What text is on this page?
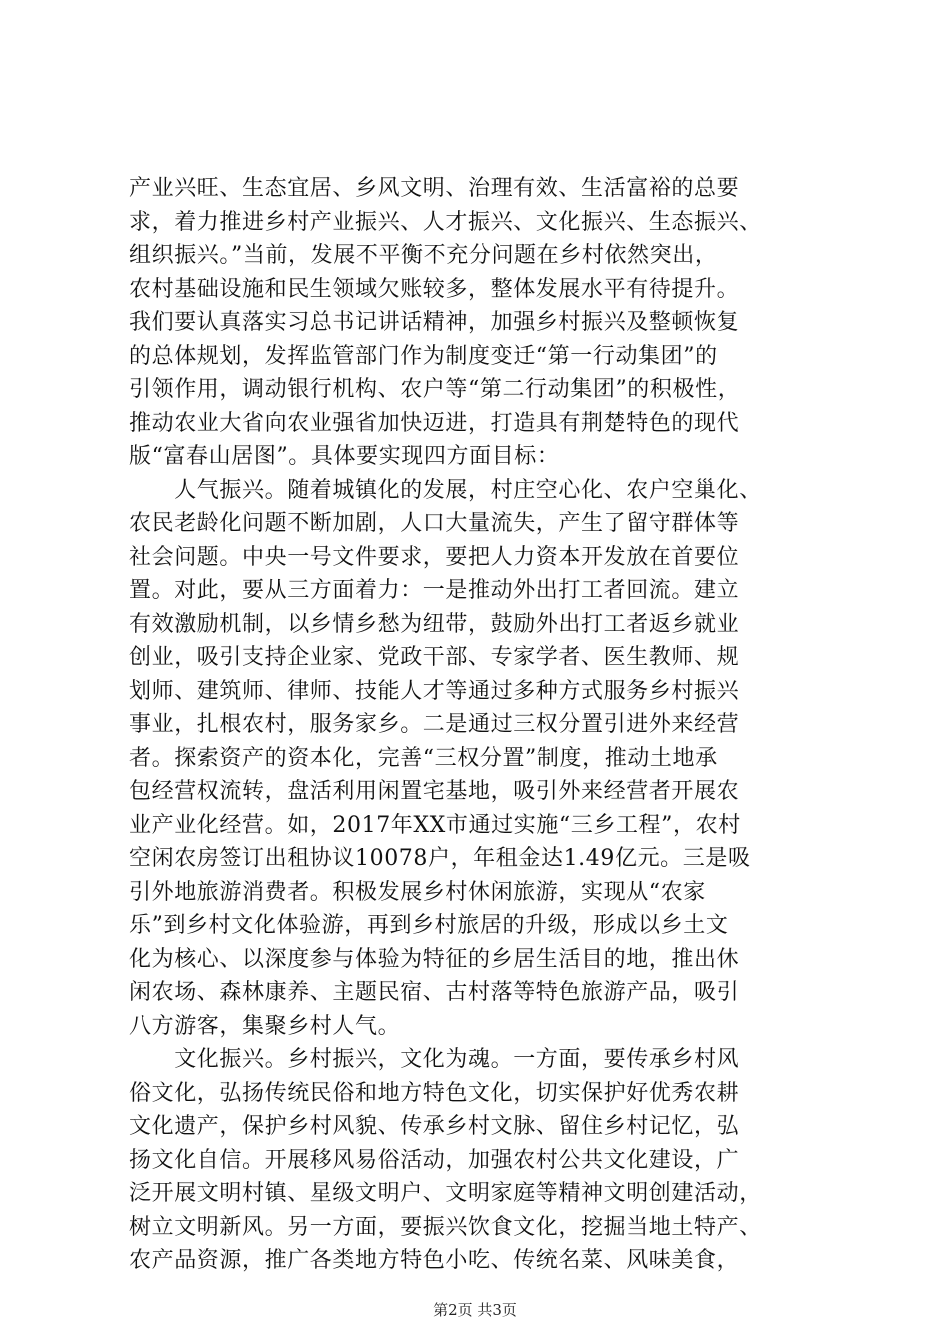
产业兴旺、生态宜居、乡风文明、治理有效、生活富裕的总要
求，着力推进乡村产业振兴、人才振兴、文化振兴、生态振兴、
组织振兴。”当前，发展不平衡不充分问题在乡村依然突出，
农村基础设施和民生领域欠账较多，整体发展水平有待提升。
我们要认真落实习总书记讲话精神，加强乡村振兴及整顿恢复
的总体规划，发挥监管部门作为制度变迁“第一行动集团”的
引领作用，调动银行机构、农户等“第二行动集团”的积极性，
推动农业大省向农业强省加快迈进，打造具有荆楚特色的现代
版“富春山居图”。具体要实现四方面目标：
　　人气振兴。随着城镇化的发展，村庄空心化、农户空巢化、
农民老龄化问题不断加剧，人口大量流失，产生了留守群体等
社会问题。中央一号文件要求，要把人力资本开发放在首要位
置。对此，要从三方面着力：一是推动外出打工者回流。建立
有效激励机制，以乡情乡愁为纽带，鼓励外出打工者返乡就业
创业，吸引支持企业家、党政干部、专家学者、医生教师、规
划师、建筑师、律师、技能人才等通过多种方式服务乡村振兴
事业，扎根农村，服务家乡。二是通过三权分置引进外来经营
者。探索资产的资本化，完善“三权分置”制度，推动土地承
包经营权流转，盘活利用闲置宅基地，吸引外来经营者开展农
业产业化经营。如，2017年XX市通过实施“三乡工程”，农村
空闲农房签订出租协议10078户，年租金达1.49亿元。三是吸
引外地旅游消费者。积极发展乡村休闲旅游，实现从“农家
乐”到乡村文化体验游，再到乡村旅居的升级，形成以乡土文
化为核心、以深度参与体验为特征的乡居生活目的地，推出休
闲农场、森林康养、主题民宿、古村落等特色旅游产品，吸引
八方游客，集聚乡村人气。
　　文化振兴。乡村振兴，文化为魂。一方面，要传承乡村风
俗文化，弘扬传统民俗和地方特色文化，切实保护好优秀农耕
文化遗产，保护乡村风貌、传承乡村文脉、留住乡村记忆，弘
扬文化自信。开展移风易俗活动，加强农村公共文化建设，广
泛开展文明村镇、星级文明户、文明家庭等精神文明创建活动，
树立文明新风。另一方面，要振兴饮食文化，挖掘当地土特产、
农产品资源，推广各类地方特色小吃、传统名菜、风味美食，
第2页 共3页
